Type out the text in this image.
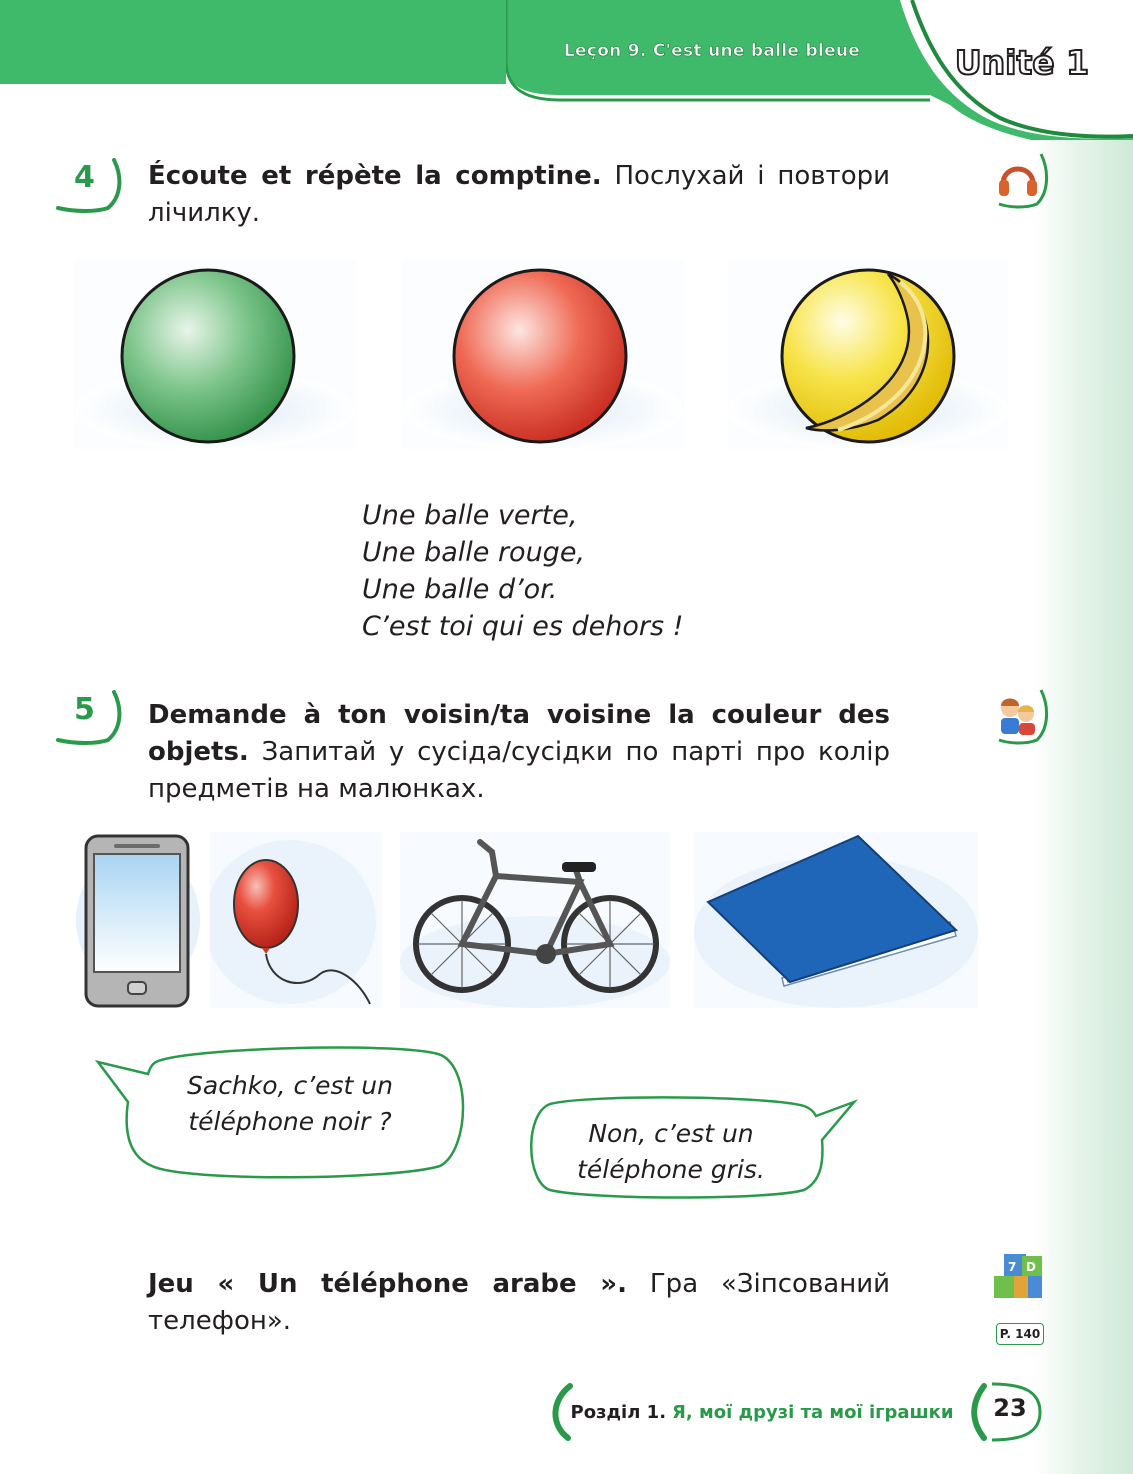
Leçon 9. C'est une balle bleue	Unité 1
4 Écoute et répète la comptine. Послухай і повтори лічилку.
Une balle verte,
Une balle rouge,
Une balle d’or.
C’est toi qui es dehors !
5 Demande à ton voisin/ta voisine la couleur des objets. Запитай у сусіда/сусідки по парті про колір предметів на малюнках.
Sachko, c’est un
téléphone noir ?	Non, c’est un
téléphone gris.
Jeu « Un téléphone arabe ». Гра «Зіпсований телефон».
7 D
P. 140
Розділ 1. Я, мої друзі та мої іграшки	23
